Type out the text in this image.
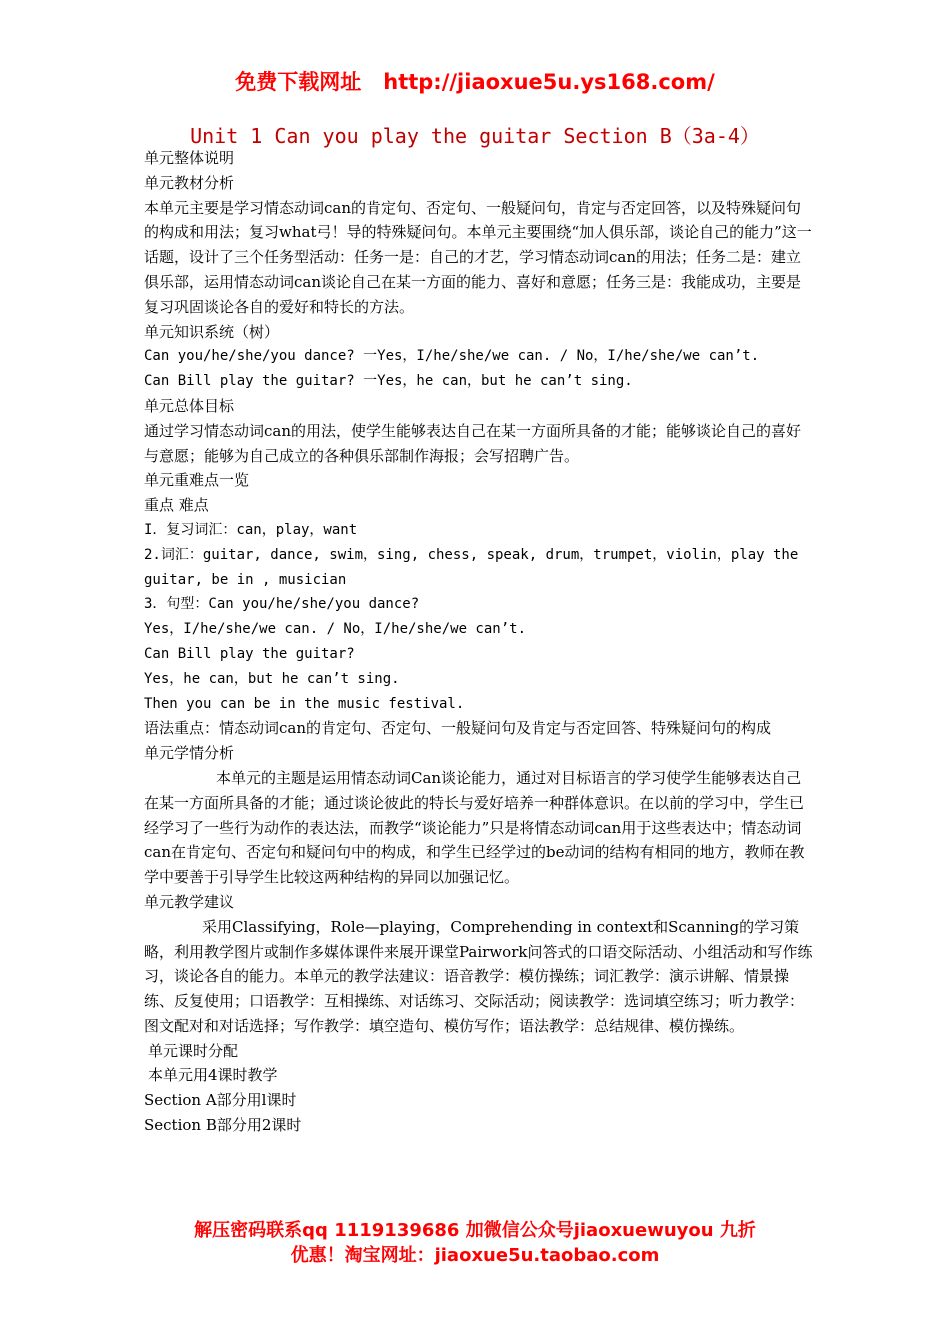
免费下载网址 http://jiaoxue5u.ys168.com/
Unit 1 Can you play the guitar Section B（3a-4）

单元整体说明

单元教材分析

本单元主要是学习情态动词can的肯定句、否定句、一般疑问句，肯定与否定回答，以及特殊疑问句的构成和用法；复习what弓！导的特殊疑问句。本单元主要围绕“加人俱乐部，谈论自己的能力”这一话题，设计了三个任务型活动：任务一是：自己的才艺，学习情态动词can的用法；任务二是：建立俱乐部，运用情态动词can谈论自己在某一方面的能力、喜好和意愿；任务三是：我能成功，主要是复习巩固谈论各自的爱好和特长的方法。

单元知识系统（树）

Can you/he/she/you dance? 一Yes，I/he/she/we can. / No，I/he/she/we can’t.

Can Bill play the guitar? 一Yes，he can，but he can’t sing.

单元总体目标

通过学习情态动词can的用法，使学生能够表达自己在某一方面所具备的才能；能够谈论自己的喜好与意愿；能够为自己成立的各种俱乐部制作海报；会写招聘广告。

单元重难点一览

重点 难点

I．复习词汇：can，play，want

2.词汇：guitar, dance, swim，sing, chess, speak, drum，trumpet，violin，play the guitar, be in , musician

3．句型：Can you/he/she/you dance?

Yes，I/he/she/we can. / No，I/he/she/we can’t.

Can Bill play the guitar?

Yes，he can，but he can’t sing.

Then you can be in the music festival.

语法重点：情态动词can的肯定句、否定句、一般疑问句及肯定与否定回答、特殊疑问句的构成

单元学情分析

本单元的主题是运用情态动词Can谈论能力，通过对目标语言的学习使学生能够表达自己在某一方面所具备的才能；通过谈论彼此的特长与爱好培养一种群体意识。在以前的学习中，学生已经学习了一些行为动作的表达法，而教学“谈论能力”只是将情态动词can用于这些表达中；情态动词can在肯定句、否定句和疑问句中的构成，和学生已经学过的be动词的结构有相同的地方，教师在教学中要善于引导学生比较这两种结构的异同以加强记忆。

单元教学建议

采用Classifying，Role—playing，Comprehending in context和Scanning的学习策略，利用教学图片或制作多媒体课件来展开课堂Pairwork问答式的口语交际活动、小组活动和写作练习，谈论各自的能力。本单元的教学法建议：语音教学：模仿操练；词汇教学：演示讲解、情景操练、反复使用；口语教学：互相操练、对话练习、交际活动；阅读教学：选词填空练习；听力教学：图文配对和对话选择；写作教学：填空造句、模仿写作；语法教学：总结规律、模仿操练。

单元课时分配

本单元用4课时教学

Section A部分用l课时

Section B部分用2课时

解压密码联系qq 1119139686 加微信公众号jiaoxuewuyou 九折
优惠！淘宝网址：jiaoxue5u.taobao.com
